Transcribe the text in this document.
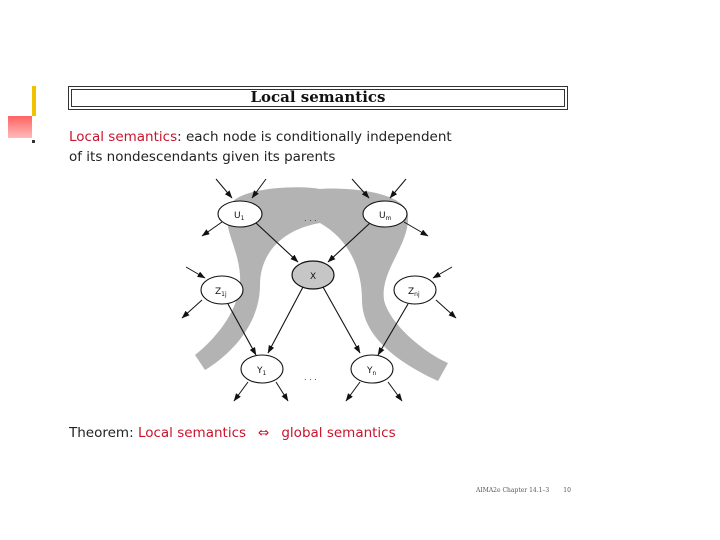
Local semantics
Local semantics: each node is conditionally independent
of its nondescendants given its parents
$U_1$	$U_m$
X
$Z_{1j}$	$Z_{nj}$
$Y_1$	$Y_n$
. . .
. . .
Theorem: Local semantics ⇔ global semantics
AIMA2e Chapter 14.1–3 10
